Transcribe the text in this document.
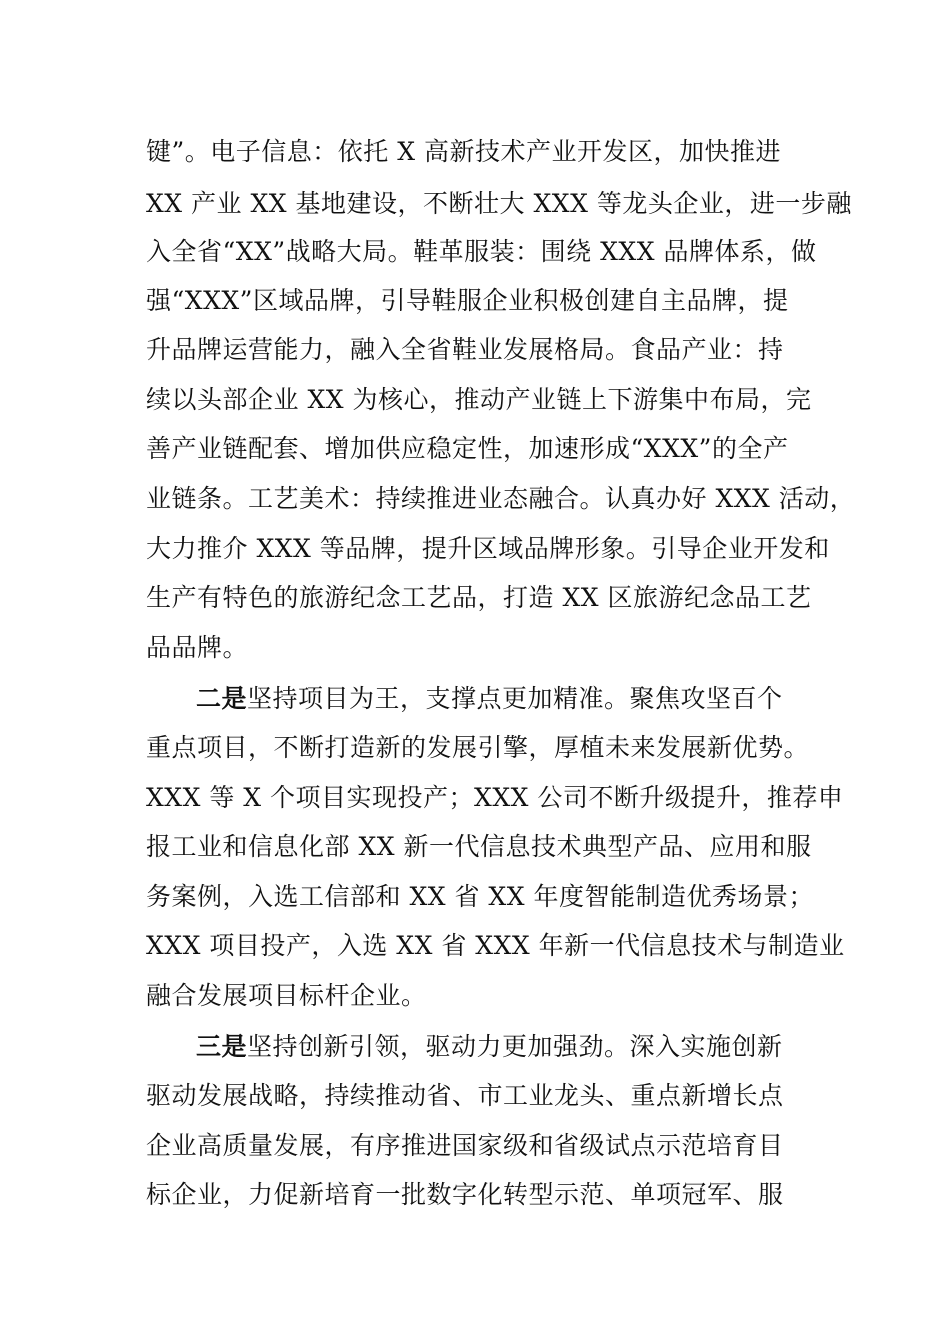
键”。电子信息：依托 X 高新技术产业开发区，加快推进
XX 产业 XX 基地建设，不断壮大 XXX 等龙头企业，进一步融
入全省“XX”战略大局。鞋革服装：围绕 XXX 品牌体系，做
强“XXX”区域品牌，引导鞋服企业积极创建自主品牌，提
升品牌运营能力，融入全省鞋业发展格局。食品产业：持
续以头部企业 XX 为核心，推动产业链上下游集中布局，完
善产业链配套、增加供应稳定性，加速形成“XXX”的全产
业链条。工艺美术：持续推进业态融合。认真办好 XXX 活动，
大力推介 XXX 等品牌，提升区域品牌形象。引导企业开发和
生产有特色的旅游纪念工艺品，打造 XX 区旅游纪念品工艺
品品牌。
二是坚持项目为王，支撑点更加精准。聚焦攻坚百个
重点项目，不断打造新的发展引擎，厚植未来发展新优势。
XXX 等 X 个项目实现投产；XXX 公司不断升级提升，推荐申
报工业和信息化部 XX 新一代信息技术典型产品、应用和服
务案例，入选工信部和 XX 省 XX 年度智能制造优秀场景；
XXX 项目投产，入选 XX 省 XXX 年新一代信息技术与制造业
融合发展项目标杆企业。
三是坚持创新引领，驱动力更加强劲。深入实施创新
驱动发展战略，持续推动省、市工业龙头、重点新增长点
企业高质量发展，有序推进国家级和省级试点示范培育目
标企业，力促新培育一批数字化转型示范、单项冠军、服
